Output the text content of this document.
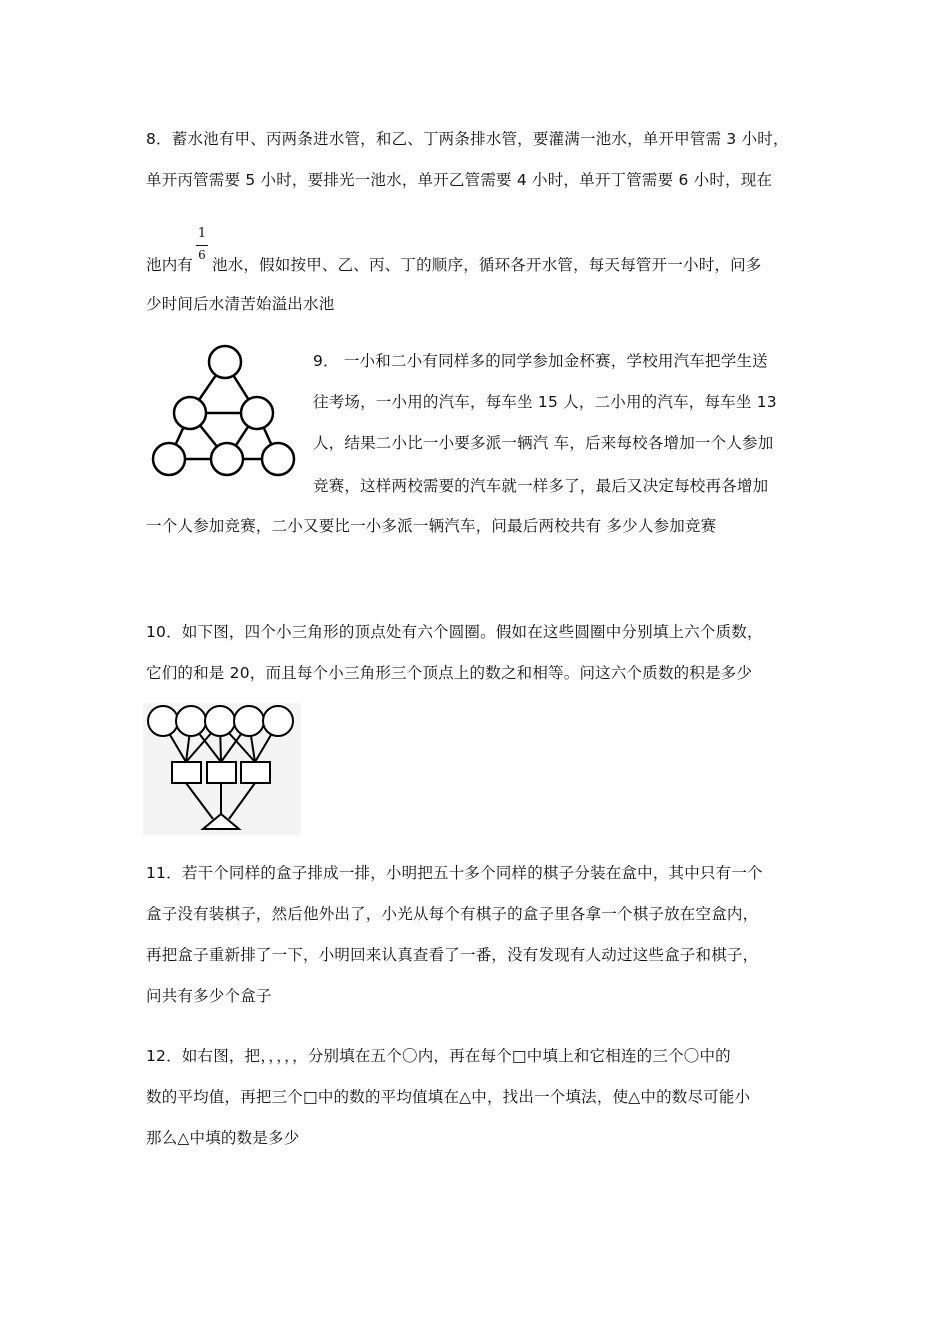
8．蓄水池有甲、丙两条进水管，和乙、丁两条排水管，要灌满一池水，单开甲管需 3 小时，
单开丙管需要 5 小时，要排光一池水，单开乙管需要 4 小时，单开丁管需要 6 小时，现在
1
6
池内有 池水，假如按甲、乙、丙、丁的顺序，循环各开水管，每天每管开一小时，问多
少时间后水清苦始溢出水池
9． 一小和二小有同样多的同学参加金杯赛，学校用汽车把学生送
往考场，一小用的汽车，每车坐 15 人，二小用的汽车，每车坐 13
人，结果二小比一小要多派一辆汽 车，后来每校各增加一个人参加
竞赛，这样两校需要的汽车就一样多了，最后又决定每校再各增加
一个人参加竞赛，二小又要比一小多派一辆汽车，问最后两校共有 多少人参加竞赛
10．如下图，四个小三角形的顶点处有六个圆圈。假如在这些圆圈中分别填上六个质数，
它们的和是 20，而且每个小三角形三个顶点上的数之和相等。问这六个质数的积是多少
11．若干个同样的盒子排成一排，小明把五十多个同样的棋子分装在盒中，其中只有一个
盒子没有装棋子，然后他外出了，小光从每个有棋子的盒子里各拿一个棋子放在空盒内，
再把盒子重新排了一下，小明回来认真查看了一番，没有发现有人动过这些盒子和棋子，
问共有多少个盒子
12．如右图，把，，，，，分别填在五个〇内，再在每个□中填上和它相连的三个〇中的
数的平均值，再把三个□中的数的平均值填在△中，找出一个填法，使△中的数尽可能小
那么△中填的数是多少
